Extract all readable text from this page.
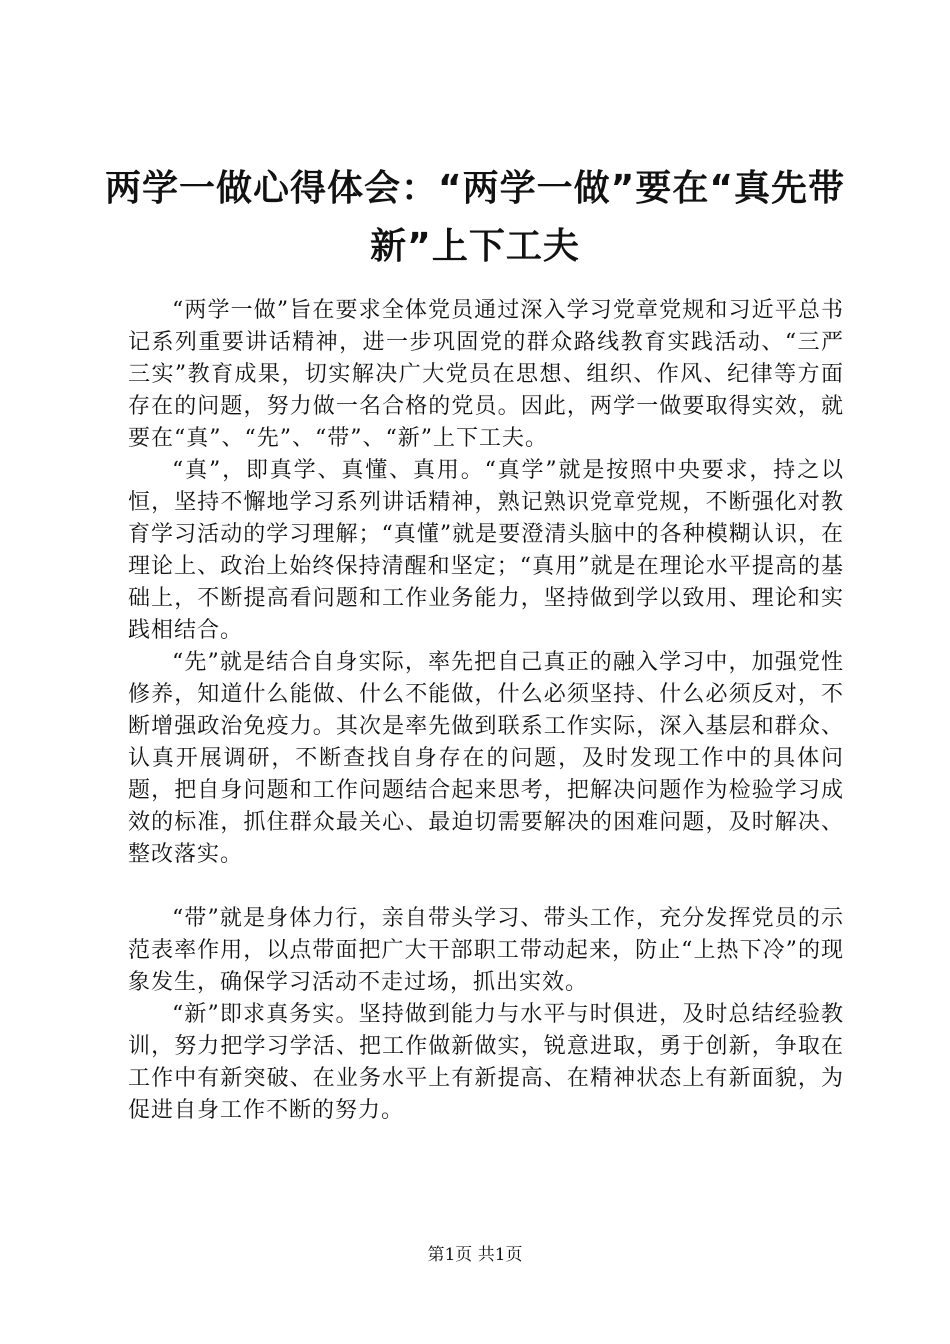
两学一做心得体会：“两学一做”要在“真先带新”上下工夫

“两学一做”旨在要求全体党员通过深入学习党章党规和习近平总书记系列重要讲话精神，进一步巩固党的群众路线教育实践活动、“三严三实”教育成果，切实解决广大党员在思想、组织、作风、纪律等方面存在的问题，努力做一名合格的党员。因此，两学一做要取得实效，就要在“真”、“先”、“带”、“新”上下工夫。

“真”，即真学、真懂、真用。“真学”就是按照中央要求，持之以恒，坚持不懈地学习系列讲话精神，熟记熟识党章党规，不断强化对教育学习活动的学习理解；“真懂”就是要澄清头脑中的各种模糊认识，在理论上、政治上始终保持清醒和坚定；“真用”就是在理论水平提高的基础上，不断提高看问题和工作业务能力，坚持做到学以致用、理论和实践相结合。

“先”就是结合自身实际，率先把自己真正的融入学习中，加强党性修养，知道什么能做、什么不能做，什么必须坚持、什么必须反对，不断增强政治免疫力。其次是率先做到联系工作实际，深入基层和群众、认真开展调研，不断查找自身存在的问题，及时发现工作中的具体问题，把自身问题和工作问题结合起来思考，把解决问题作为检验学习成效的标准，抓住群众最关心、最迫切需要解决的困难问题，及时解决、整改落实。

“带”就是身体力行，亲自带头学习、带头工作，充分发挥党员的示范表率作用，以点带面把广大干部职工带动起来，防止“上热下冷”的现象发生，确保学习活动不走过场，抓出实效。

“新”即求真务实。坚持做到能力与水平与时俱进，及时总结经验教训，努力把学习学活、把工作做新做实，锐意进取，勇于创新，争取在工作中有新突破、在业务水平上有新提高、在精神状态上有新面貌，为促进自身工作不断的努力。

第1页 共1页
